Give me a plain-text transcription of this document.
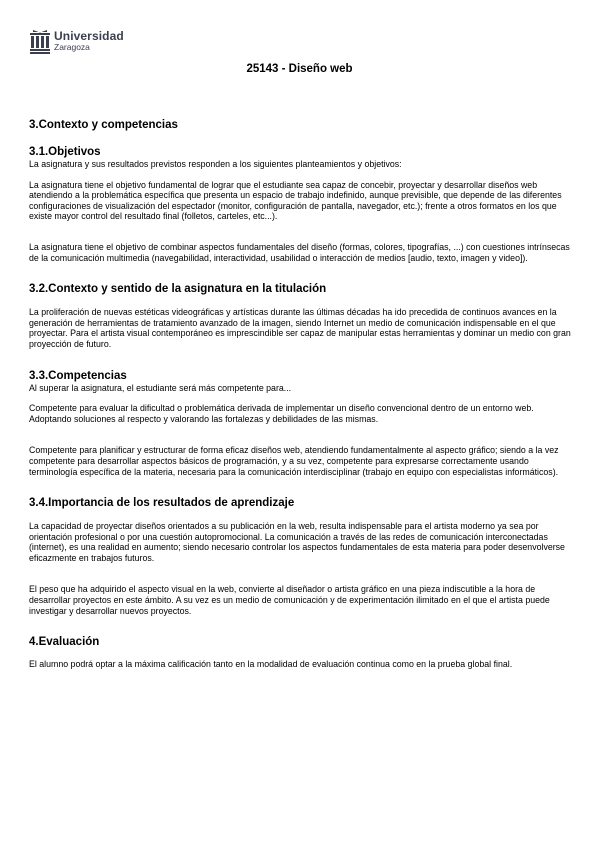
Universidad
Zaragoza
25143 - Diseño web
3.Contexto y competencias
3.1.Objetivos

La asignatura y sus resultados previstos responden a los siguientes planteamientos y objetivos:

La asignatura tiene el objetivo fundamental de lograr que el estudiante sea capaz de concebir, proyectar y desarrollar diseños web atendiendo a la problemática específica que presenta un espacio de trabajo indefinido, aunque previsible, que depende de las diferentes configuraciones de visualización del espectador (monitor, configuración de pantalla, navegador, etc.); frente a otros formatos en los que existe mayor control del resultado final (folletos, carteles, etc...).

La asignatura tiene el objetivo de combinar aspectos fundamentales del diseño (formas, colores, tipografías, ...) con cuestiones intrínsecas de la comunicación multimedia (navegabilidad, interactividad, usabilidad o interacción de medios [audio, texto, imagen y video]).

3.2.Contexto y sentido de la asignatura en la titulación

La proliferación de nuevas estéticas videográficas y artísticas durante las últimas décadas ha ido precedida de continuos avances en la generación de herramientas de tratamiento avanzado de la imagen, siendo Internet un medio de comunicación indispensable en el que proyectar. Para el artista visual contemporáneo es imprescindible ser capaz de manipular estas herramientas y dominar un medio con gran proyección de futuro.

3.3.Competencias

Al superar la asignatura, el estudiante será más competente para...

Competente para evaluar la dificultad o problemática derivada de implementar un diseño convencional dentro de un entorno web. Adoptando soluciones al respecto y valorando las fortalezas y debilidades de las mismas.

Competente para planificar y estructurar de forma eficaz diseños web, atendiendo fundamentalmente al aspecto gráfico; siendo a la vez competente para desarrollar aspectos básicos de programación, y a su vez, competente para expresarse correctamente usando terminología específica de la materia, necesaria para la comunicación interdisciplinar (trabajo en equipo con especialistas informáticos).

3.4.Importancia de los resultados de aprendizaje

La capacidad de proyectar diseños orientados a su publicación en la web, resulta indispensable para el artista moderno ya sea por orientación profesional o por una cuestión autopromocional. La comunicación a través de las redes de comunicación interconectadas (internet), es una realidad en aumento; siendo necesario controlar los aspectos fundamentales de esta materia para poder desenvolverse eficazmente en trabajos futuros.

El peso que ha adquirido el aspecto visual en la web, convierte al diseñador o artista gráfico en una pieza indiscutible a la hora de desarrollar proyectos en este ámbito. A su vez es un medio de comunicación y de experimentación ilimitado en el que el artista puede investigar y desarrollar nuevos proyectos.

4.Evaluación

El alumno podrá optar a la máxima calificación tanto en la modalidad de evaluación continua como en la prueba global final.
